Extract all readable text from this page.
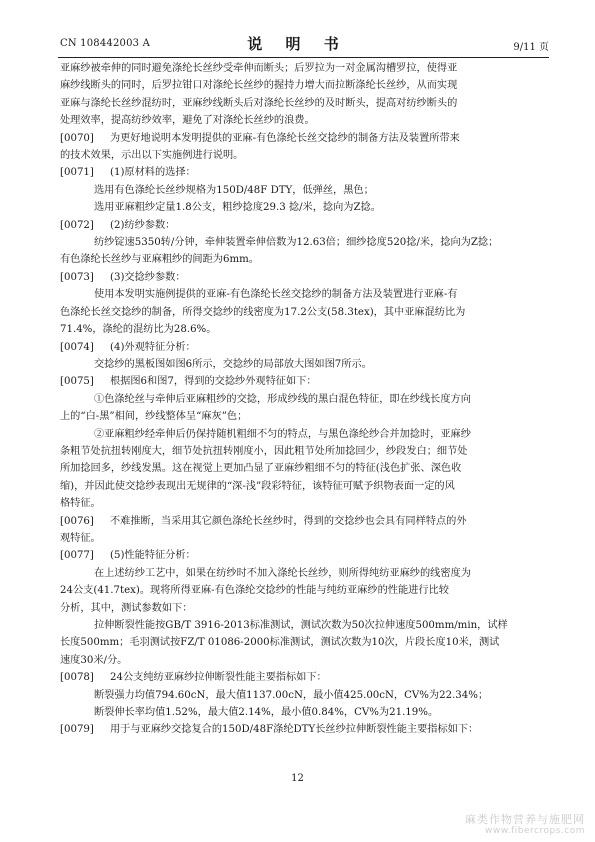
CN 108442003 A	说 明 书	9/11 页
亚麻纱被牵伸的同时避免涤纶长丝纱受牵伸而断头；后罗拉为一对金属沟槽罗拉，使得亚
麻纱线断头的同时，后罗拉钳口对涤纶长丝纱的握持力增大而拉断涤纶长丝纱，从而实现
亚麻与涤纶长丝纱混纺时，亚麻纱线断头后对涤纶长丝纱的及时断头，提高对纺纱断头的
处理效率，提高纺纱效率，避免了对涤纶长丝纱的浪费。
[0070]	为更好地说明本发明提供的亚麻-有色涤纶长丝交捻纱的制备方法及装置所带来
的技术效果，示出以下实施例进行说明。
[0071]	(1)原材料的选择：
选用有色涤纶长丝纱规格为150D/48F DTY，低弹丝，黑色；
选用亚麻粗纱定量1.8公支，粗纱捻度29.3 捻/米，捻向为Z捻。
[0072]	(2)纺纱参数：
纺纱锭速5350转/分钟，牵伸装置牵伸倍数为12.63倍；细纱捻度520捻/米，捻向为Z捻；
有色涤纶长丝纱与亚麻粗纱的间距为6mm。
[0073]	(3)交捻纱参数：
使用本发明实施例提供的亚麻-有色涤纶长丝交捻纱的制备方法及装置进行亚麻-有
色涤纶长丝交捻纱的制备，所得交捻纱的线密度为17.2公支(58.3tex)，其中亚麻混纺比为
71.4%，涤纶的混纺比为28.6%。
[0074]	(4)外观特征分析：
交捻纱的黑板图如图6所示，交捻纱的局部放大图如图7所示。
[0075]	根据图6和图7，得到的交捻纱外观特征如下：
①色涤纶丝与牵伸后亚麻粗纱的交捻，形成纱线的黑白混色特征，即在纱线长度方向
上的“白-黑”相间，纱线整体呈“麻灰”色；
②亚麻粗纱经牵伸后仍保持随机粗细不匀的特点，与黑色涤纶纱合并加捻时，亚麻纱
条粗节处抗扭转刚度大，细节处抗扭转刚度小，因此粗节处所加捻回少，纱段发白；细节处
所加捻回多，纱线发黑。这在视觉上更加凸显了亚麻纱粗细不匀的特征(浅色扩张、深色收
缩)，并因此使交捻纱表现出无规律的“深-浅”段彩特征，该特征可赋予织物表面一定的风
格特征。
[0076]	不难推断，当采用其它颜色涤纶长丝纱时，得到的交捻纱也会具有同样特点的外
观特征。
[0077]	(5)性能特征分析：
在上述纺纱工艺中，如果在纺纱时不加入涤纶长丝纱，则所得纯纺亚麻纱的线密度为
24公支(41.7tex)。现将所得亚麻-有色涤纶交捻纱的性能与纯纺亚麻纱的性能进行比较
分析，其中，测试参数如下：
拉伸断裂性能按GB/T 3916-2013标准测试，测试次数为50次拉伸速度500mm/min，试样
长度500mm；毛羽测试按FZ/T 01086-2000标准测试，测试次数为10次，片段长度10米，测试
速度30米/分。
[0078]	24公支纯纺亚麻纱拉伸断裂性能主要指标如下：
断裂强力均值794.60cN，最大值1137.00cN，最小值425.00cN，CV%为22.34%；
断裂伸长率均值1.52%，最大值2.14%，最小值0.84%，CV%为21.19%。
[0079]	用于与亚麻纱交捻复合的150D/48F涤纶DTY长丝纱拉伸断裂性能主要指标如下：
12
麻类作物营养与施肥网
www.fibercrops.com
